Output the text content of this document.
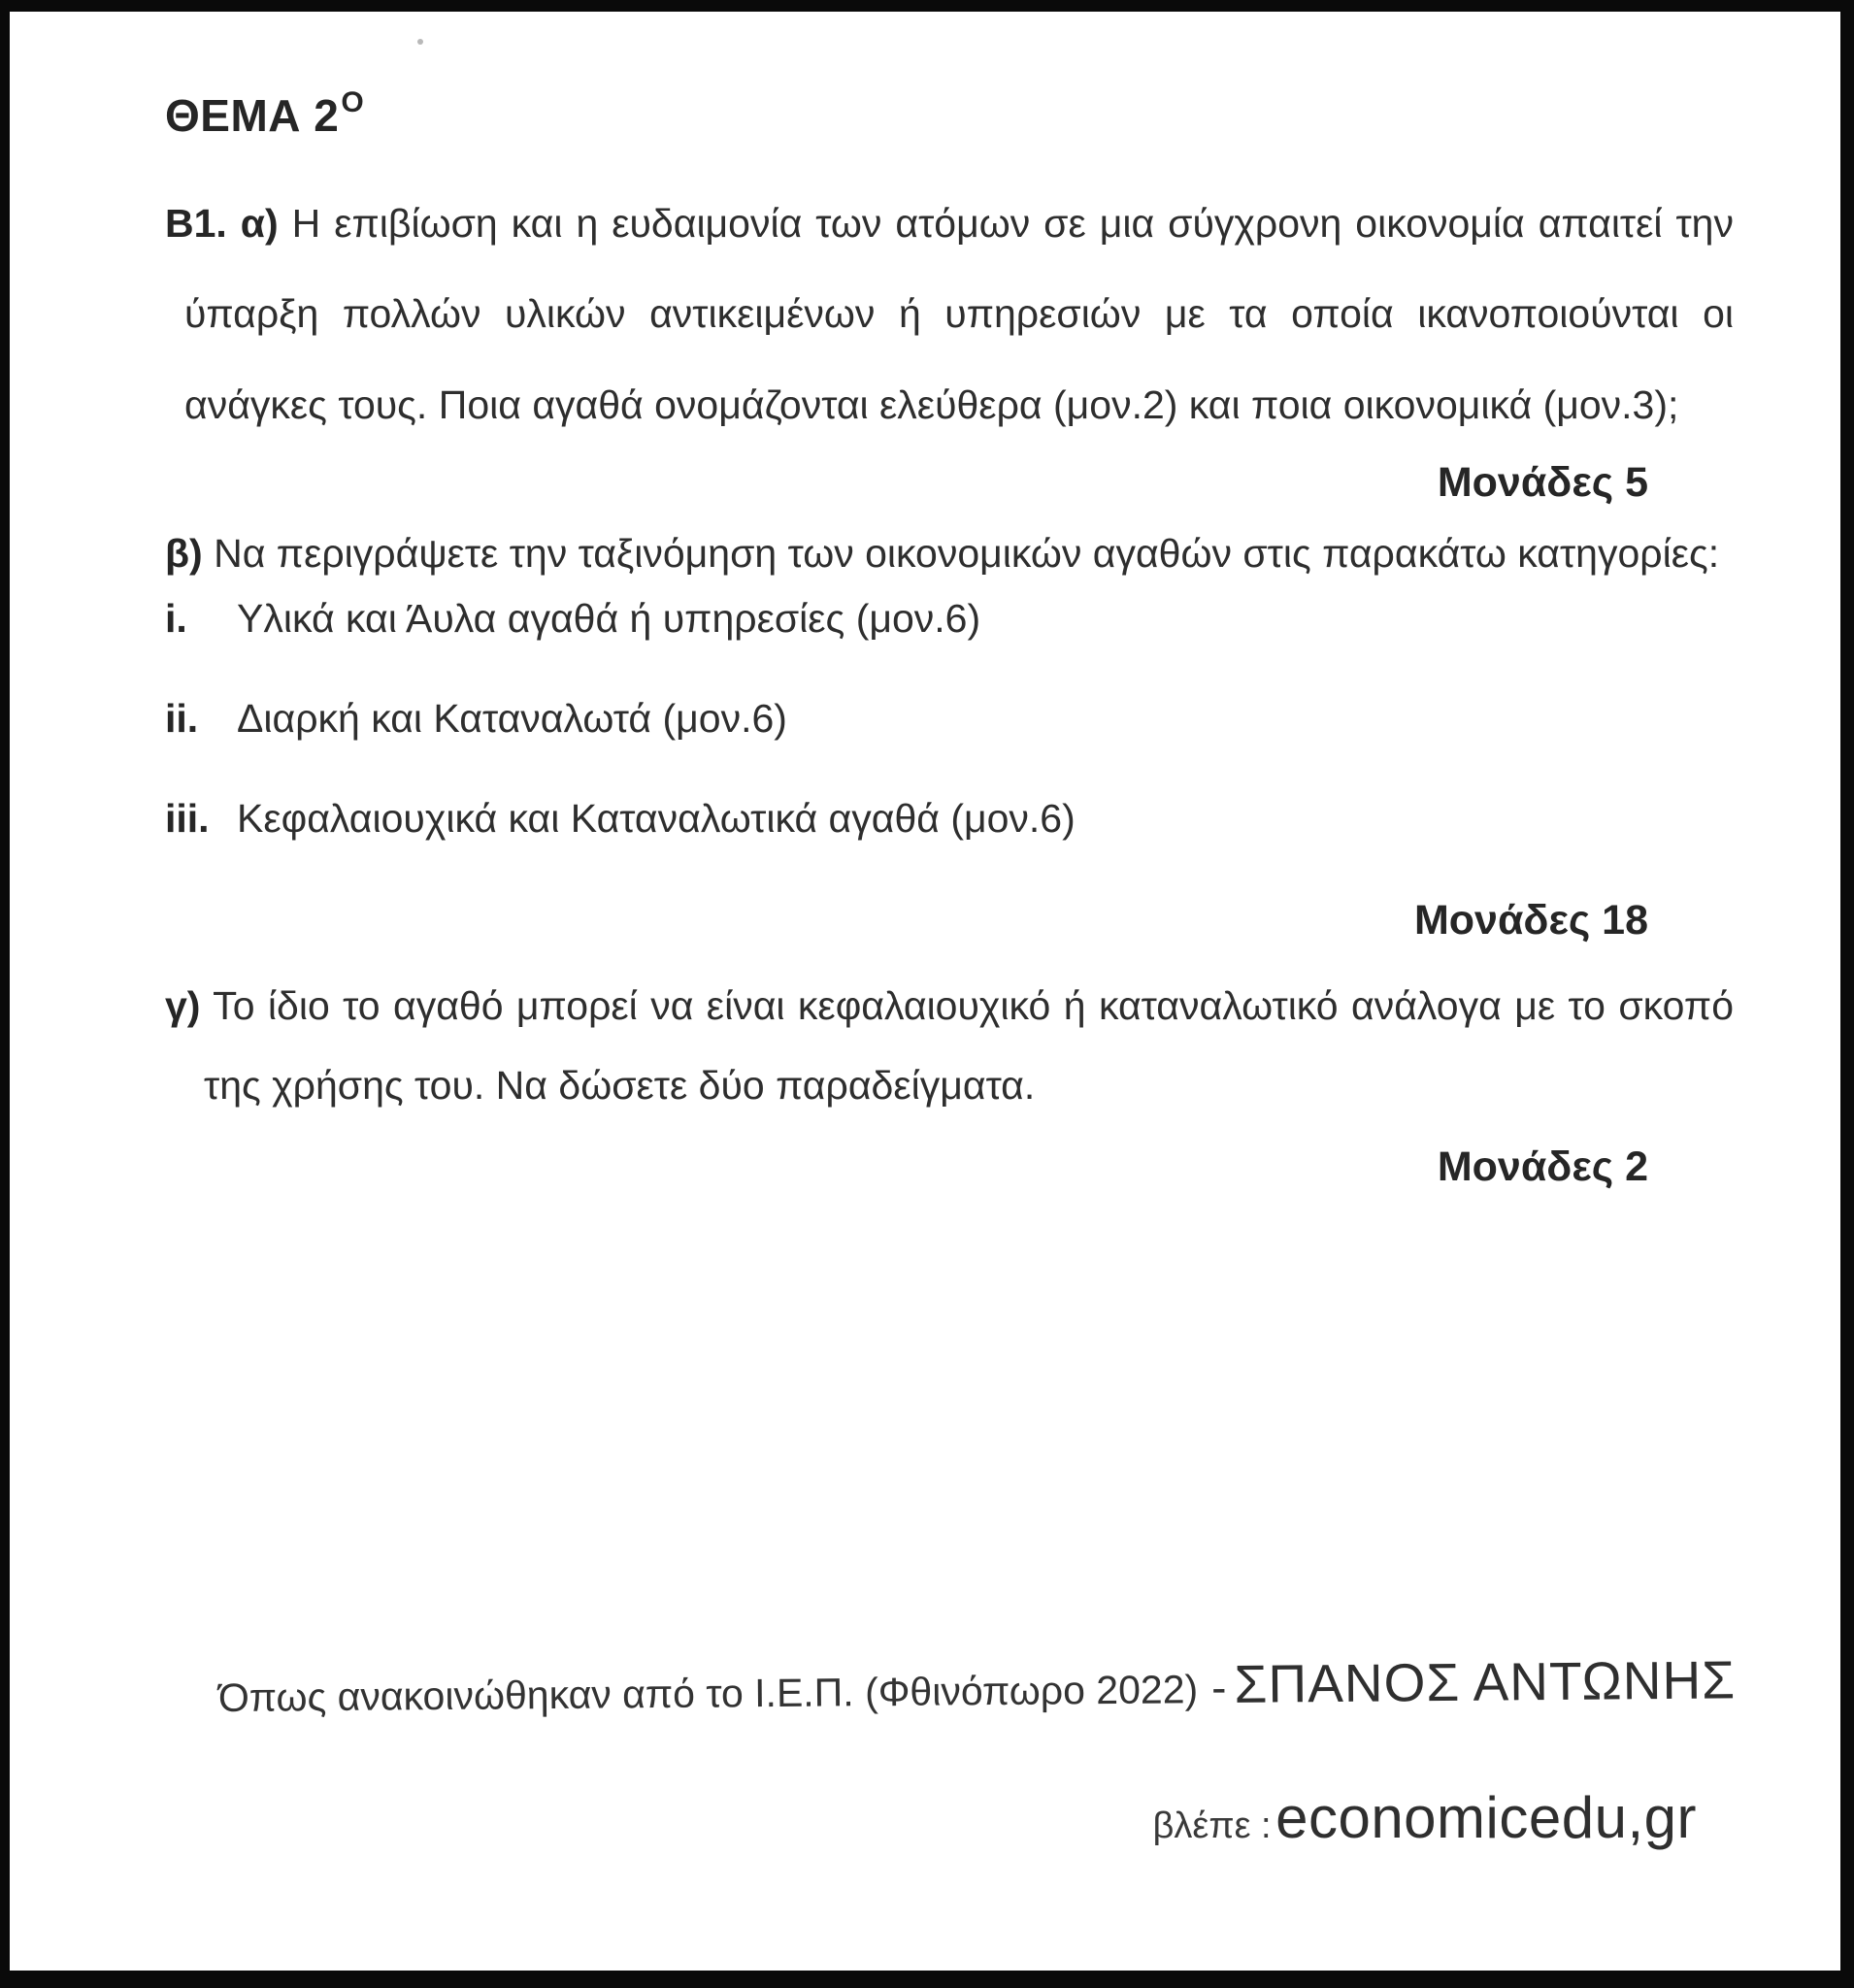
ΘΕΜΑ $2^O$

Β1. α) Η επιβίωση και η ευδαιμονία των ατόμων σε μια σύγχρονη οικονομία απαιτεί την ύπαρξη πολλών υλικών αντικειμένων ή υπηρεσιών με τα οποία ικανοποιούνται οι ανάγκες τους. Ποια αγαθά ονομάζονται ελεύθερα (μον.2) και ποια οικονομικά (μον.3);

Μονάδες 5

β) Να περιγράψετε την ταξινόμηση των οικονομικών αγαθών στις παρακάτω κατηγορίες:

i.	Υλικά και Άυλα αγαθά ή υπηρεσίες (μον.6)
ii. Διαρκή και Καταναλωτά (μον.6)
iii. Κεφαλαιουχικά και Καταναλωτικά αγαθά (μον.6)
Μονάδες 18

γ) Το ίδιο το αγαθό μπορεί να είναι κεφαλαιουχικό ή καταναλωτικό ανάλογα με το σκοπό της χρήσης του. Να δώσετε δύο παραδείγματα.

Μονάδες 2
Όπως ανακοινώθηκαν από το Ι.Ε.Π. (Φθινόπωρο 2022) - ΣΠΑΝΟΣ ΑΝΤΩΝΗΣ
βλέπε : economicedu,gr
